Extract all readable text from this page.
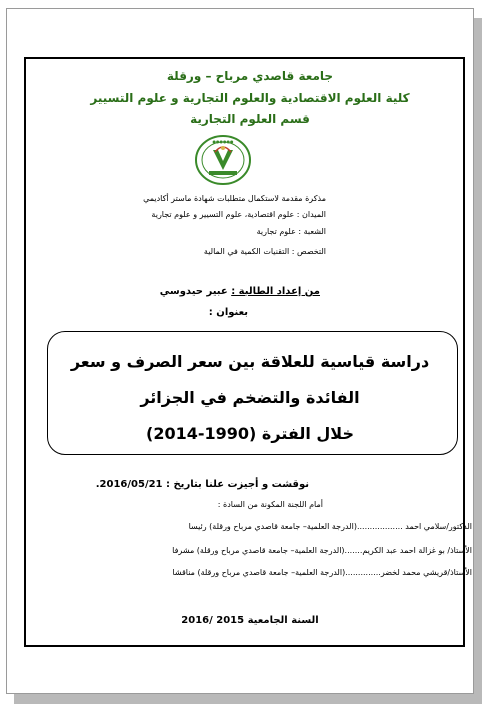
جامعة قاصدي مرباح – ورقلة
كلية العلوم الاقتصادية والعلوم التجارية و علوم التسيير
قسم العلوم التجارية
●●●●●●
مذكرة مقدمة لاستكمال متطلبات شهادة ماستر أكاديمي
الميدان : علوم اقتصادية، علوم التسيير و علوم تجارية
الشعبة : علوم تجارية
التخصص : التقنيات الكمية في المالية
من إعداد الطالبة : عبير حيدوسي
بعنوان :
دراسة قياسية للعلاقة بين سعر الصرف و سعر
الفائدة والتضخم في الجزائر
خلال الفترة (1990-2014)
نوقشت و أجيزت علنا بتاريخ : 2016/05/21.
أمام اللجنة المكونة من السادة :
الدكتور/سلامي احمد ..................(الدرجة العلمية– جامعة قاصدي مرباح ورقلة) رئيسا
الأستاذ/ بو غزالة احمد عبد الكريم.......(الدرجة العلمية– جامعة قاصدي مرباح ورقلة) مشرفا
الأستاذ/قريشي محمد لخضر..............(الدرجة العلمية– جامعة قاصدي مرباح ورقلة) مناقشا
السنة الجامعية 2015 /2016
